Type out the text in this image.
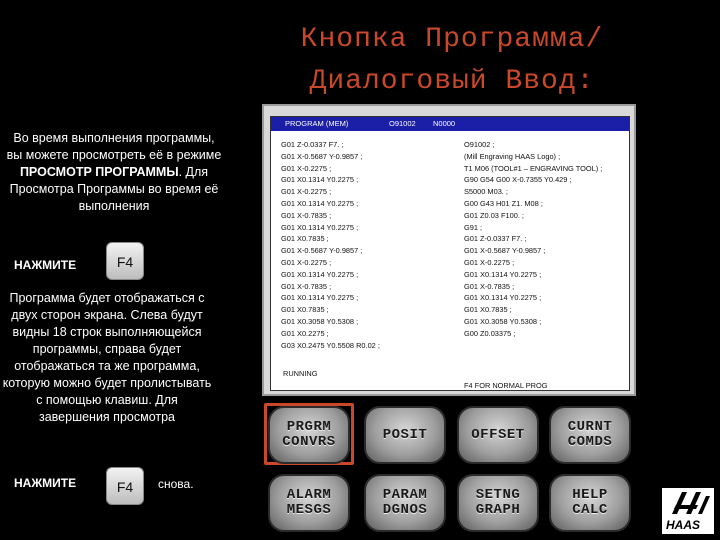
Кнопка Программа/
Диалоговый Ввод:
Во время выполнения программы, вы можете просмотреть её в режиме ПРОСМОТР ПРОГРАММЫ. Для Просмотра Программы во время её выполнения
НАЖМИТЕ	F4
Программа будет отображаться с двух сторон экрана. Слева будут видны 18 строк выполняющейся программы, справа будет отображаться та же программа, которую можно будет пролистывать с помощью клавиш. Для завершения просмотра
НАЖМИТЕ	F4	снова.
PROGRAM (MEM)	O91002 N0000
G01 Z-0.0337 F7. ;
G01 X-0.5687 Y-0.9857 ;
G01 X-0.2275 ;
G01 X0.1314 Y0.2275 ;
G01 X-0.2275 ;
G01 X0.1314 Y0.2275 ;
G01 X-0.7835 ;
G01 X0.1314 Y0.2275 ;
G01 X0.7835 ;
G01 X-0.5687 Y-0.9857 ;
G01 X-0.2275 ;
G01 X0.1314 Y0.2275 ;
G01 X-0.7835 ;
G01 X0.1314 Y0.2275 ;
G01 X0.7835 ;
G01 X0.3058 Y0.5308 ;
G01 X0.2275 ;
G03 X0.2475 Y0.5508 R0.02 ;
O91002 ;
(Mill Engraving HAAS Logo) ;
T1 M06 (TOOL#1 – ENGRAVING TOOL) ;
G90 G54 G00 X-0.7355 Y0.429 ;
S5000 M03. ;
G00 G43 H01 Z1. M08 ;
G01 Z0.03 F100. ;
G91 ;
G01 Z-0.0337 F7. ;
G01 X-0.5687 Y-0.9857 ;
G01 X-0.2275 ;
G01 X0.1314 Y0.2275 ;
G01 X-0.7835 ;
G01 X0.1314 Y0.2275 ;
G01 X0.7835 ;
G01 X0.3058 Y0.5308 ;
G00 Z0.03375 ;
RUNNING
F4 FOR NORMAL PROG
PRGRM
CONVRS	POSIT	OFFSET	CURNT
COMDS
ALARM
MESGS
PARAM
DGNOS
SETNG
GRAPH
HELP
CALC
HAAS
